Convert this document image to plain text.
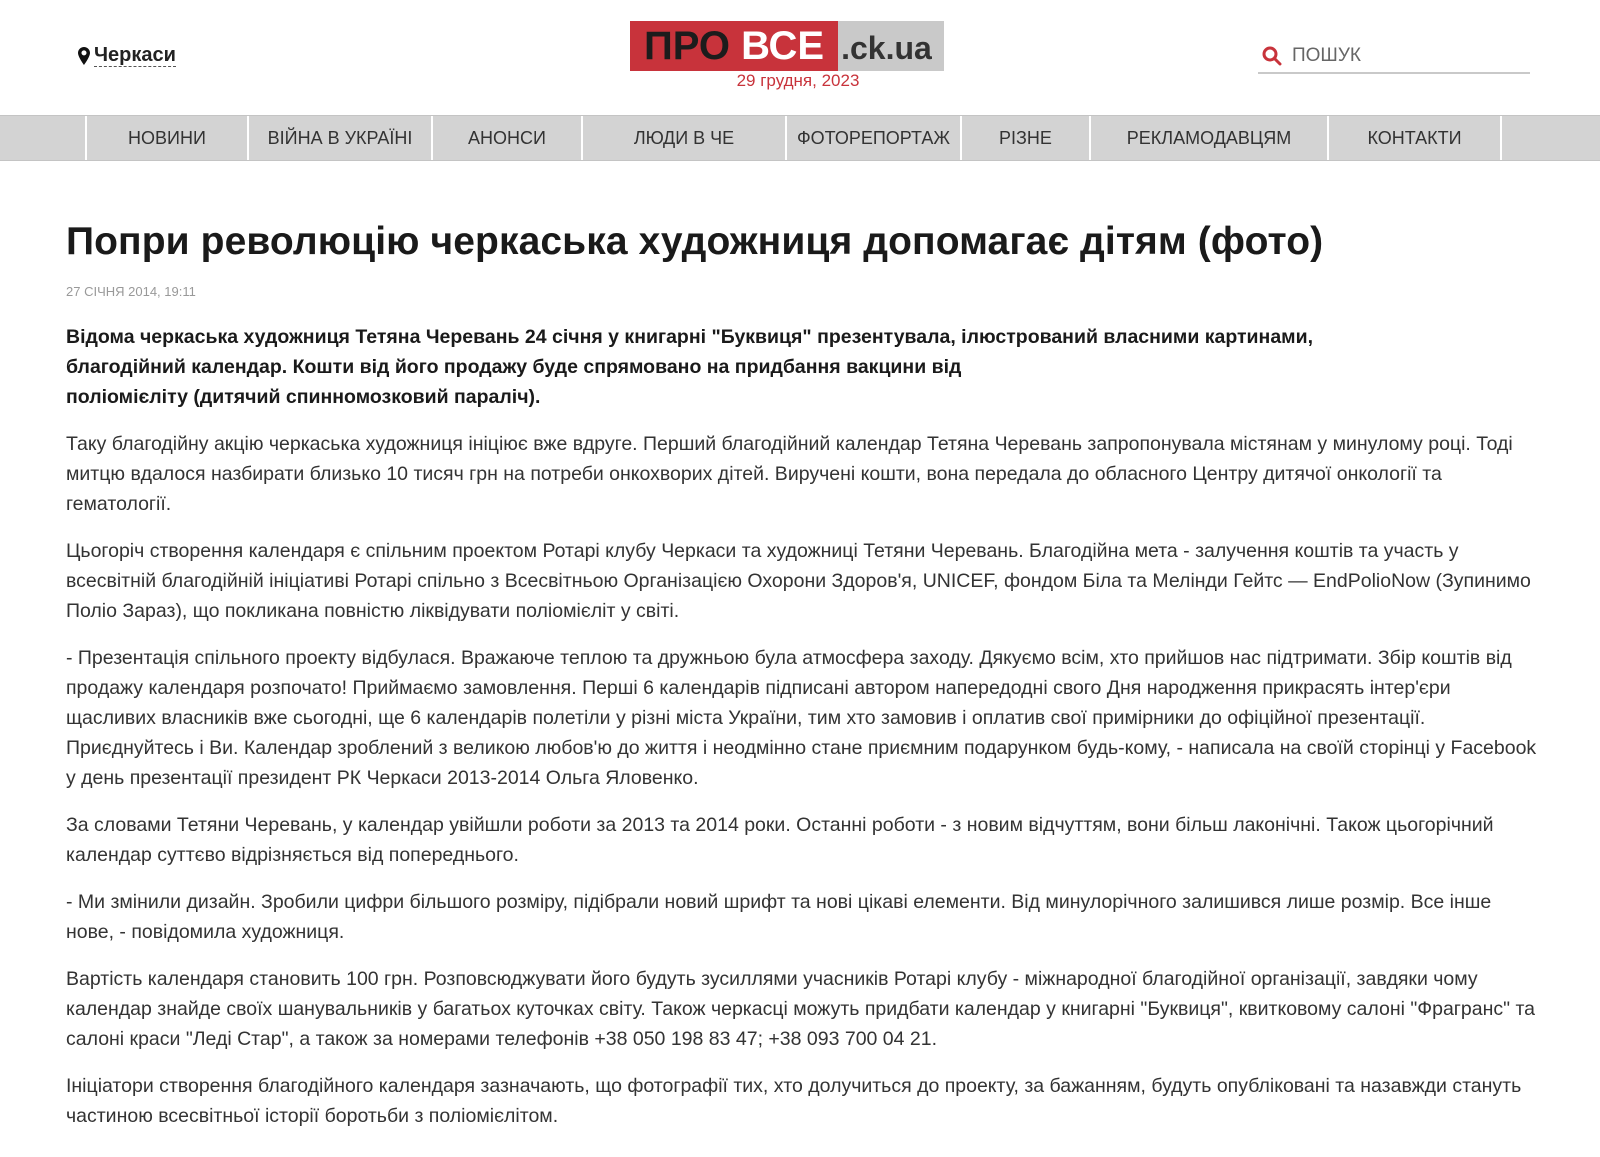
Черкаси	ПРО ВСЕ .ck.ua
29 грудня, 2023
ПОШУК
НОВИНИ	ВІЙНА В УКРАЇНІ	АНОНСИ	ЛЮДИ В ЧЕ	ФОТОРЕПОРТАЖ	РІЗНЕ	РЕКЛАМОДАВЦЯМ	КОНТАКТИ
Попри революцію черкаська художниця допомагає дітям (фото)
27 СІЧНЯ 2014, 19:11

Відома черкаська художниця Тетяна Черевань 24 січня у книгарні "Буквиця" презентувала, ілюстрований власними картинами,
благодійний календар. Кошти від його продажу буде спрямовано на придбання вакцини від
поліомієліту (дитячий спинномозковий параліч).

Таку благодійну акцію черкаська художниця ініціює вже вдруге. Перший благодійний календар Тетяна Черевань запропонувала містянам у минулому році. Тоді митцю вдалося назбирати близько 10 тисяч грн на потреби онкохворих дітей. Виручені кошти, вона передала до обласного Центру дитячої онкології та гематології.

Цьогоріч створення календаря є спільним проектом Ротарі клубу Черкаси та художниці Тетяни Черевань. Благодійна мета - залучення коштів та участь у всесвітній благодійній ініціативі Ротарі спільно з Всесвітньою Організацією Охорони Здоров'я, UNICEF, фондом Біла та Мелінди Гейтс — EndPolioNow (Зупинимо Поліо Зараз), що покликана повністю ліквідувати поліомієліт у світі.

- Презентація спільного проекту відбулася. Вражаюче теплою та дружньою була атмосфера заходу. Дякуємо всім, хто прийшов нас підтримати. Збір коштів від продажу календаря розпочато! Приймаємо замовлення. Перші 6 календарів підписані автором напередодні свого Дня народження прикрасять інтер'єри щасливих власників вже сьогодні, ще 6 календарів полетіли у різні міста України, тим хто замовив і оплатив свої примірники до офіційної презентації. Приєднуйтесь і Ви. Календар зроблений з великою любов'ю до життя і неодмінно стане приємним подарунком будь-кому, - написала на своїй сторінці у Facebook у день презентації президент РК Черкаси 2013-2014 Ольга Яловенко.

За словами Тетяни Черевань, у календар увійшли роботи за 2013 та 2014 роки. Останні роботи - з новим відчуттям, вони більш лаконічні. Також цьогорічний календар суттєво відрізняється від попереднього.

- Ми змінили дизайн. Зробили цифри більшого розміру, підібрали новий шрифт та нові цікаві елементи. Від минулорічного залишився лише розмір. Все інше нове, - повідомила художниця.

Вартість календаря становить 100 грн. Розповсюджувати його будуть зусиллями учасників Ротарі клубу - міжнародної благодійної організації, завдяки чому календар знайде своїх шанувальників у багатьох куточках світу. Також черкасці можуть придбати календар у книгарні "Буквиця", квитковому салоні "Фрагранс" та салоні краси "Леді Стар", а також за номерами телефонів +38 050 198 83 47; +38 093 700 04 21.

Ініціатори створення благодійного календаря зазначають, що фотографії тих, хто долучиться до проекту, за бажанням, будуть опубліковані та назавжди стануть частиною всесвітньої історії боротьби з поліомієлітом.
